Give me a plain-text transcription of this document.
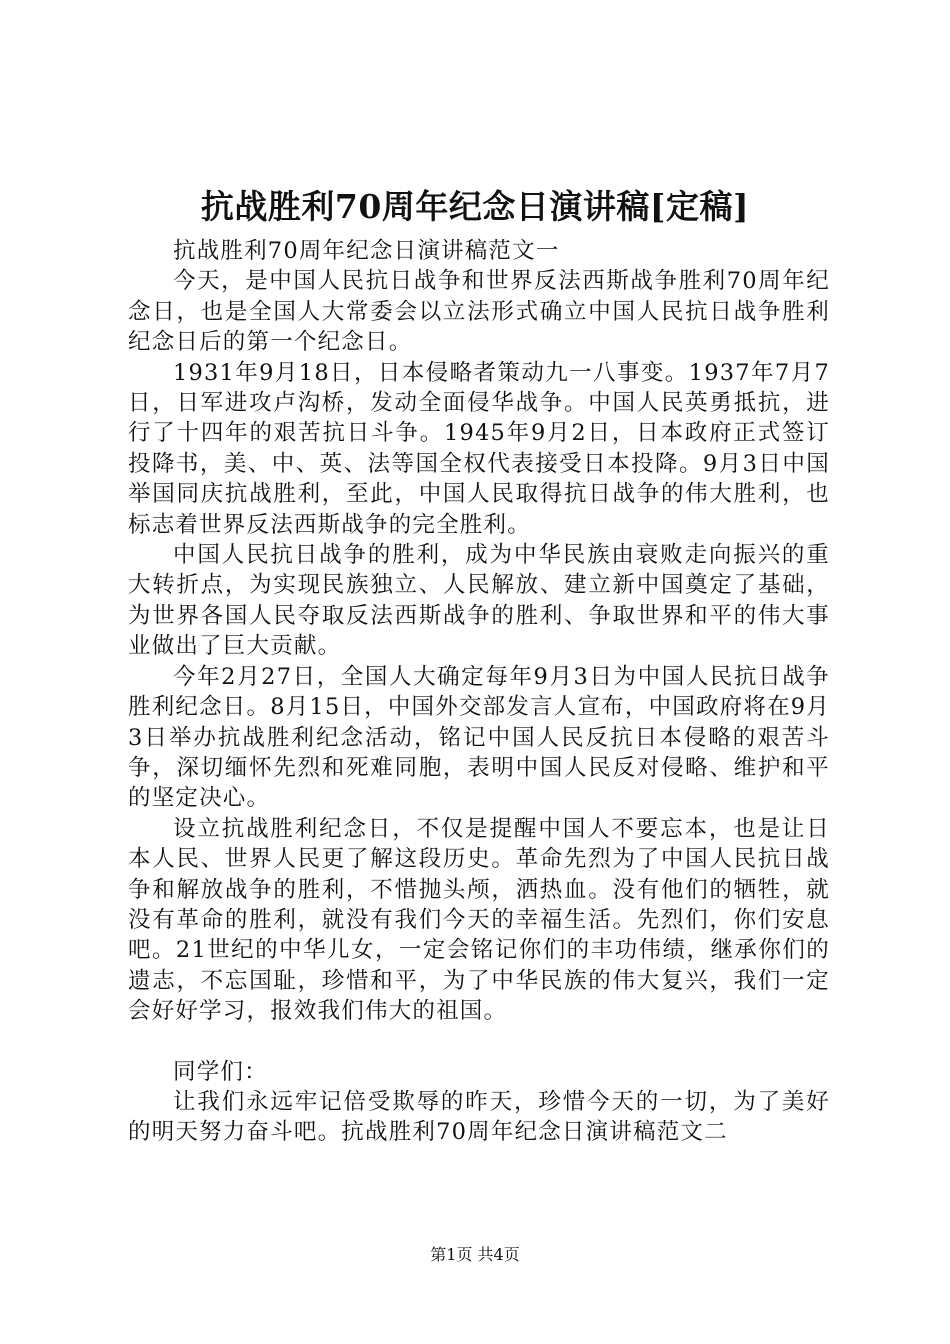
抗战胜利70周年纪念日演讲稿[定稿]

抗战胜利70周年纪念日演讲稿范文一

今天，是中国人民抗日战争和世界反法西斯战争胜利70周年纪念日，也是全国人大常委会以立法形式确立中国人民抗日战争胜利纪念日后的第一个纪念日。

1931年9月18日，日本侵略者策动九一八事变。1937年7月7日，日军进攻卢沟桥，发动全面侵华战争。中国人民英勇抵抗，进行了十四年的艰苦抗日斗争。1945年9月2日，日本政府正式签订投降书，美、中、英、法等国全权代表接受日本投降。9月3日中国举国同庆抗战胜利，至此，中国人民取得抗日战争的伟大胜利，也标志着世界反法西斯战争的完全胜利。

中国人民抗日战争的胜利，成为中华民族由衰败走向振兴的重大转折点，为实现民族独立、人民解放、建立新中国奠定了基础，为世界各国人民夺取反法西斯战争的胜利、争取世界和平的伟大事业做出了巨大贡献。

今年2月27日，全国人大确定每年9月3日为中国人民抗日战争胜利纪念日。8月15日，中国外交部发言人宣布，中国政府将在9月3日举办抗战胜利纪念活动，铭记中国人民反抗日本侵略的艰苦斗争，深切缅怀先烈和死难同胞，表明中国人民反对侵略、维护和平的坚定决心。

设立抗战胜利纪念日，不仅是提醒中国人不要忘本，也是让日本人民、世界人民更了解这段历史。革命先烈为了中国人民抗日战争和解放战争的胜利，不惜抛头颅，洒热血。没有他们的牺牲，就没有革命的胜利，就没有我们今天的幸福生活。先烈们，你们安息吧。21世纪的中华儿女，一定会铭记你们的丰功伟绩，继承你们的遗志，不忘国耻，珍惜和平，为了中华民族的伟大复兴，我们一定会好好学习，报效我们伟大的祖国。

同学们：

让我们永远牢记倍受欺辱的昨天，珍惜今天的一切，为了美好的明天努力奋斗吧。抗战胜利70周年纪念日演讲稿范文二

第1页 共4页
